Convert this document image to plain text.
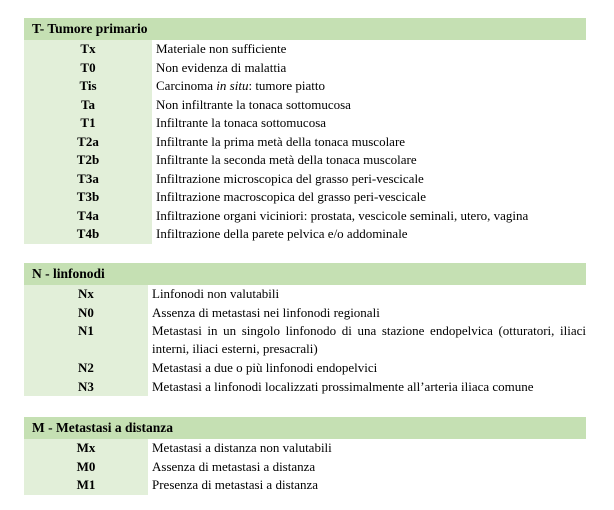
T- Tumore primario
Tx	Materiale non sufficiente
T0	Non evidenza di malattia
Tis	Carcinoma in situ: tumore piatto
Ta	Non infiltrante la tonaca sottomucosa
T1	Infiltrante la tonaca sottomucosa
T2a	Infiltrante la prima metà della tonaca muscolare
T2b	Infiltrante la seconda metà della tonaca muscolare
T3a	Infiltrazione microscopica del grasso peri-vescicale
T3b	Infiltrazione macroscopica del grasso peri-vescicale
T4a	Infiltrazione organi viciniori: prostata, vescicole seminali, utero, vagina
T4b	Infiltrazione della parete pelvica e/o addominale
N - linfonodi
Nx	Linfonodi non valutabili
N0	Assenza di metastasi nei linfonodi regionali
N1	Metastasi in un singolo linfonodo di una stazione endopelvica (otturatori, iliaci interni, iliaci esterni, presacrali)
N2	Metastasi a due o più linfonodi endopelvici
N3	Metastasi a linfonodi localizzati prossimalmente all’arteria iliaca comune
M - Metastasi a distanza
Mx	Metastasi a distanza non valutabili
M0	Assenza di metastasi a distanza
M1	Presenza di metastasi a distanza
